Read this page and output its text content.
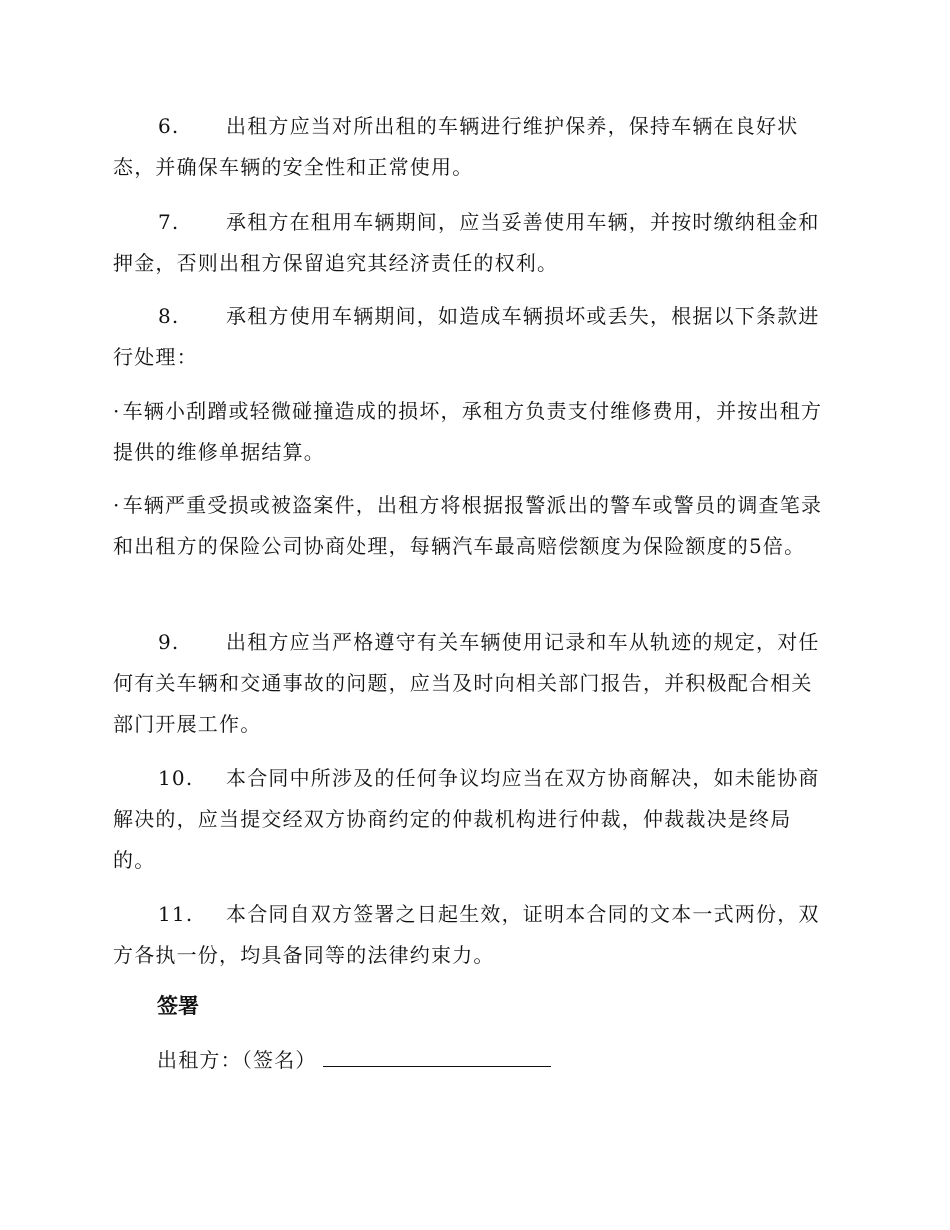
6. 出租方应当对所出租的车辆进行维护保养，保持车辆在良好状态，并确保车辆的安全性和正常使用。

7. 承租方在租用车辆期间，应当妥善使用车辆，并按时缴纳租金和押金，否则出租方保留追究其经济责任的权利。

8. 承租方使用车辆期间，如造成车辆损坏或丢失，根据以下条款进行处理：

· 车辆小刮蹭或轻微碰撞造成的损坏，承租方负责支付维修费用，并按出租方提供的维修单据结算。

· 车辆严重受损或被盗案件，出租方将根据报警派出的警车或警员的调查笔录和出租方的保险公司协商处理，每辆汽车最高赔偿额度为保险额度的5倍。

9. 出租方应当严格遵守有关车辆使用记录和车从轨迹的规定，对任何有关车辆和交通事故的问题，应当及时向相关部门报告，并积极配合相关部门开展工作。

10. 本合同中所涉及的任何争议均应当在双方协商解决，如未能协商解决的，应当提交经双方协商约定的仲裁机构进行仲裁，仲裁裁决是终局的。

11. 本合同自双方签署之日起生效，证明本合同的文本一式两份，双方各执一份，均具备同等的法律约束力。

签署

出租方：（签名）
